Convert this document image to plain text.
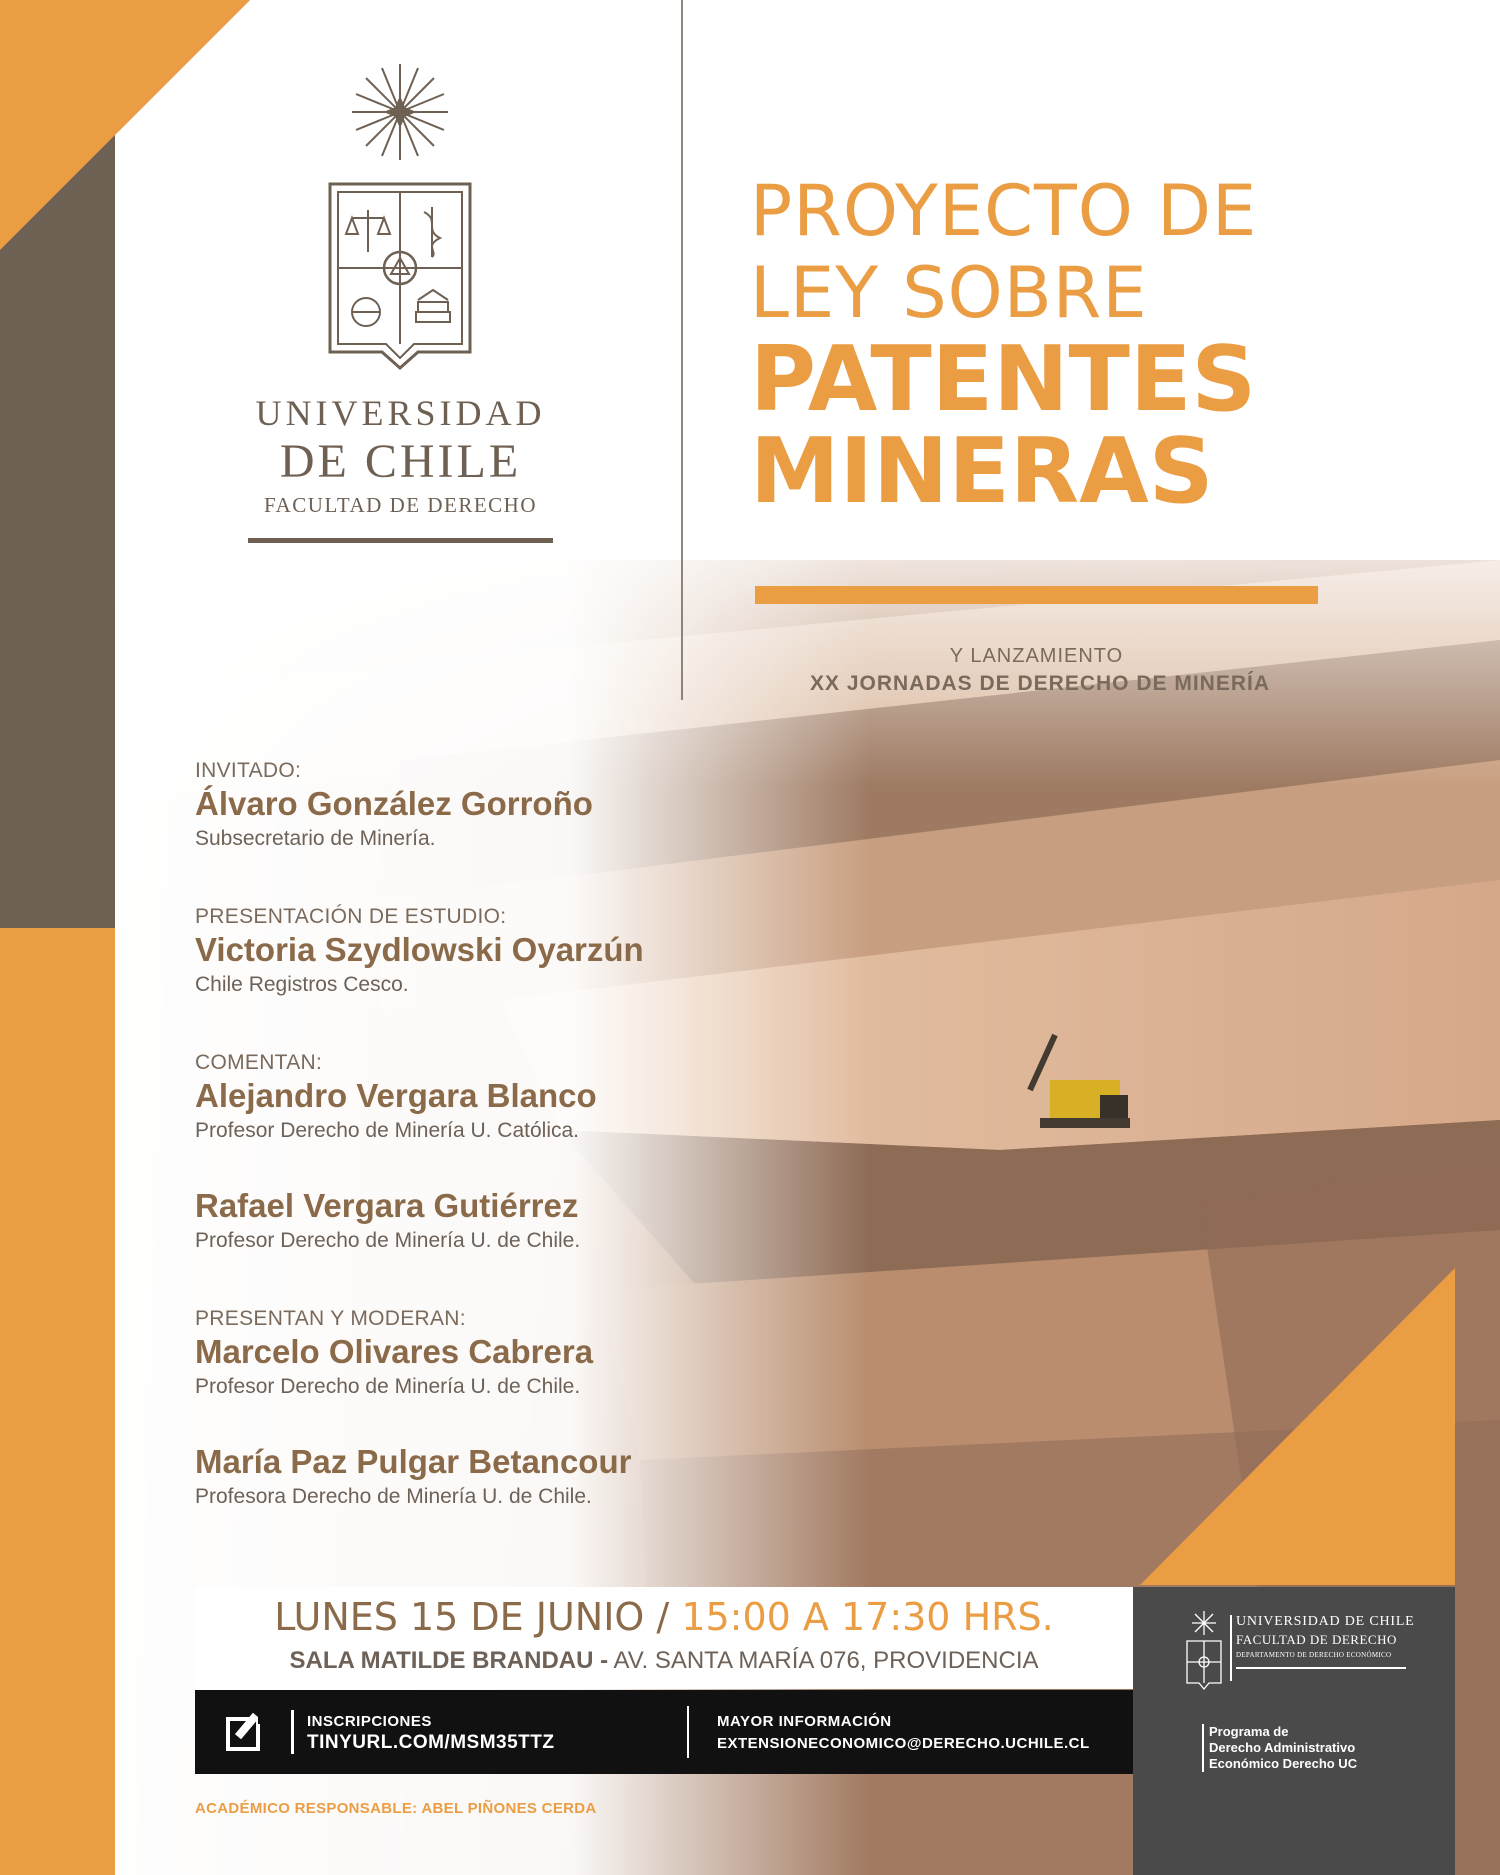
UNIVERSIDAD
DE CHILE
FACULTAD DE DERECHO
PROYECTO DE
LEY SOBRE
PATENTES
MINERAS
Y LANZAMIENTO
XX JORNADAS DE DERECHO DE MINERÍA
INVITADO:
Álvaro González Gorroño
Subsecretario de Minería.
PRESENTACIÓN DE ESTUDIO:
Victoria Szydlowski Oyarzún
Chile Registros Cesco.
COMENTAN:
Alejandro Vergara Blanco
Profesor Derecho de Minería U. Católica.
Rafael Vergara Gutiérrez
Profesor Derecho de Minería U. de Chile.
PRESENTAN Y MODERAN:
Marcelo Olivares Cabrera
Profesor Derecho de Minería U. de Chile.
María Paz Pulgar Betancour
Profesora Derecho de Minería U. de Chile.
LUNES 15 DE JUNIO / 15:00 A 17:30 HRS.
SALA MATILDE BRANDAU - AV. SANTA MARÍA 076, PROVIDENCIA
INSCRIPCIONES
TINYURL.COM/MSM35TTZ
MAYOR INFORMACIÓN
EXTENSIONECONOMICO@DERECHO.UCHILE.CL
ACADÉMICO RESPONSABLE: ABEL PIÑONES CERDA
UNIVERSIDAD DE CHILE
FACULTAD DE DERECHO
DEPARTAMENTO DE DERECHO ECONÓMICO
Programa de
Derecho Administrativo
Económico Derecho UC
